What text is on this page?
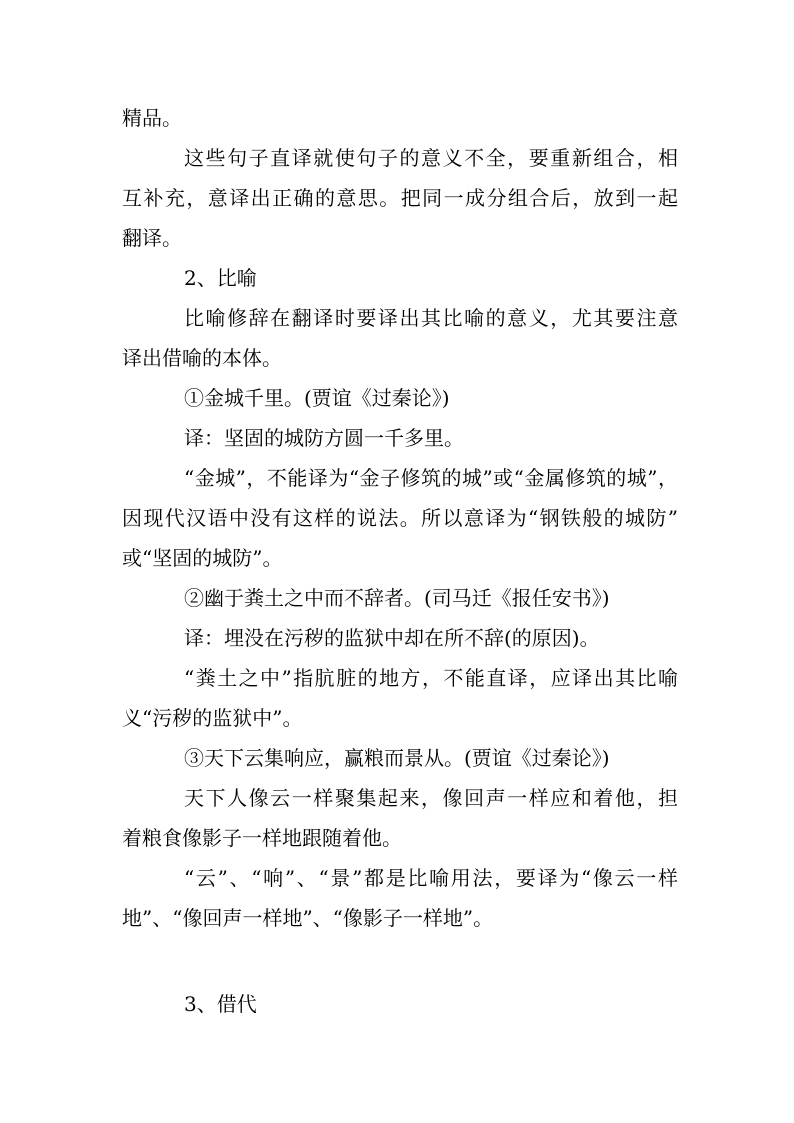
精品。
这些句子直译就使句子的意义不全，要重新组合，相
互补充，意译出正确的意思。把同一成分组合后，放到一起
翻译。
2、比喻
比喻修辞在翻译时要译出其比喻的意义，尤其要注意
译出借喻的本体。
①金城千里。(贾谊《过秦论》)
译：坚固的城防方圆一千多里。
“金城”，不能译为“金子修筑的城”或“金属修筑的城”，
因现代汉语中没有这样的说法。所以意译为“钢铁般的城防”
或“坚固的城防”。
②幽于粪土之中而不辞者。(司马迁《报任安书》)
译：埋没在污秽的监狱中却在所不辞(的原因)。
“粪土之中”指肮脏的地方，不能直译，应译出其比喻
义“污秽的监狱中”。
③天下云集响应，赢粮而景从。(贾谊《过秦论》)
天下人像云一样聚集起来，像回声一样应和着他，担
着粮食像影子一样地跟随着他。
“云”、“响”、“景”都是比喻用法，要译为“像云一样
地”、“像回声一样地”、“像影子一样地”。
3、借代
